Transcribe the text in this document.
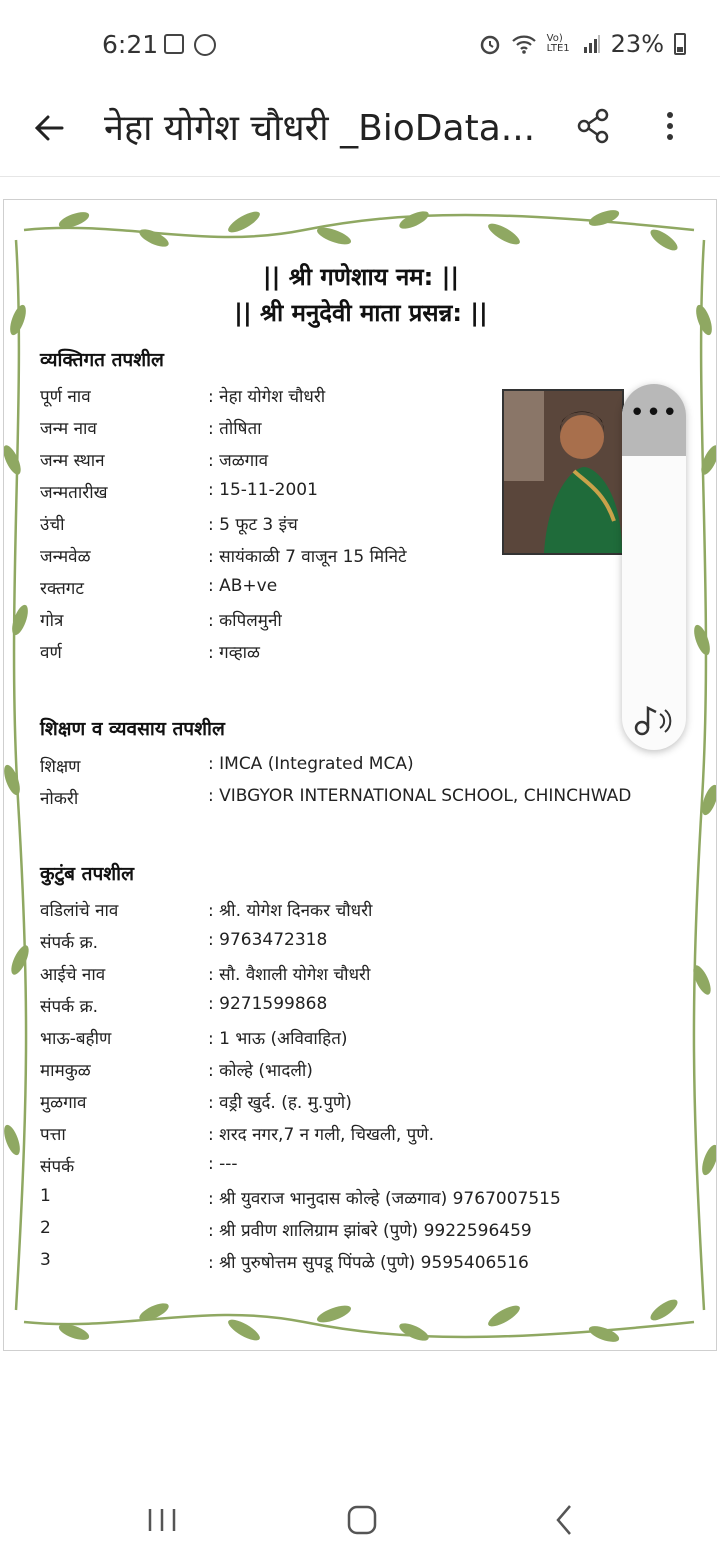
6:21	Vo) LTE1 23%
नेहा योगेश चौधरी _BioData...
|| श्री गणेशाय नम: ||
|| श्री मनुदेवी माता प्रसन्न: ||
व्यक्तिगत तपशील
पूर्ण नाव	: नेहा योगेश चौधरी
जन्म नाव	: तोषिता
जन्म स्थान	: जळगाव
जन्मतारीख	: 15-11-2001
उंची	: 5 फूट 3 इंच
जन्मवेळ	: सायंकाळी 7 वाजून 15 मिनिटे
रक्तगट	: AB+ve
गोत्र	: कपिलमुनी
वर्ण	: गव्हाळ
शिक्षण व व्यवसाय तपशील
शिक्षण	: IMCA (Integrated MCA)
नोकरी	: VIBGYOR INTERNATIONAL SCHOOL, CHINCHWAD
कुटुंब तपशील
वडिलांचे नाव	: श्री. योगेश दिनकर चौधरी
संपर्क क्र.	: 9763472318
आईचे नाव	: सौ. वैशाली योगेश चौधरी
संपर्क क्र.	: 9271599868
भाऊ-बहीण	: 1 भाऊ (अविवाहित)
मामकुळ	: कोल्हे (भादली)
मुळगाव	: वड्री खुर्द. (ह. मु.पुणे)
पत्ता	: शरद नगर,7 न गली, चिखली, पुणे.
संपर्क	: ---
1	: श्री युवराज भानुदास कोल्हे (जळगाव) 9767007515
2	: श्री प्रवीण शालिग्राम झांबरे (पुणे) 9922596459
3	: श्री पुरुषोत्तम सुपडू पिंपळे (पुणे) 9595406516
•••
